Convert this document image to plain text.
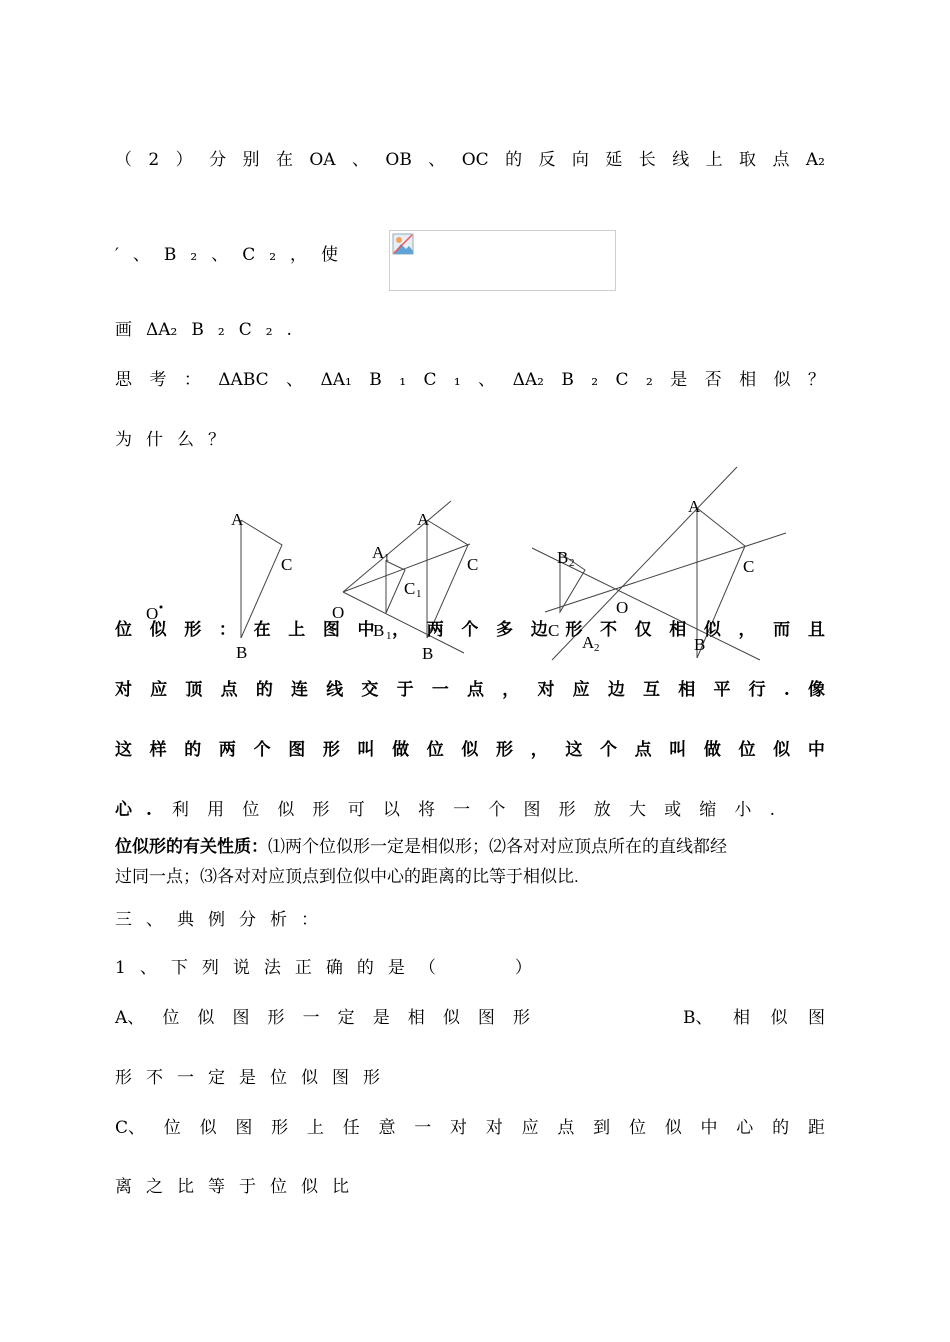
（ 2 ） 分 别 在 OA 、 OB 、 OC 的 反 向 延 长 线 上 取 点 A₂
′ 、 B ₂ 、 C ₂ ， 使
画 ΔA₂ B ₂ C ₂ .
思 考 ： ΔABC 、 ΔA₁ B ₁ C ₁ 、 ΔA₂ B ₂ C ₂ 是 否 相 似 ？
为 什 么 ？
A
C
O
B
A
A 1	C
C 1
O
B 1
B
A
B 2	C
O
C
A 2	B
位 似 形 ： 在 上 图 中 ， 两 个 多 边 形 不 仅 相 似 ， 而 且
对 应 顶 点 的 连 线 交 于 一 点 ， 对 应 边 互 相 平 行 . 像
这 样 的 两 个 图 形 叫 做 位 似 形 ， 这 个 点 叫 做 位 似 中
心 . 利 用 位 似 形 可 以 将 一 个 图 形 放 大 或 缩 小 .
位似形的有关性质：⑴两个位似形一定是相似形；⑵各对对应顶点所在的直线都经
过同一点；⑶各对对应顶点到位似中心的距离的比等于相似比.
三 、 典 例 分 析 ：
1 、 下 列 说 法 正 确 的 是 （
　　　	）
A、 位 似 图 形 一 定 是 相 似 图 形	B、 相 似 图
形 不 一 定 是 位 似 图 形
C、 位 似 图 形 上 任 意 一 对 对 应 点 到 位 似 中 心 的 距
离 之 比 等 于 位 似 比
